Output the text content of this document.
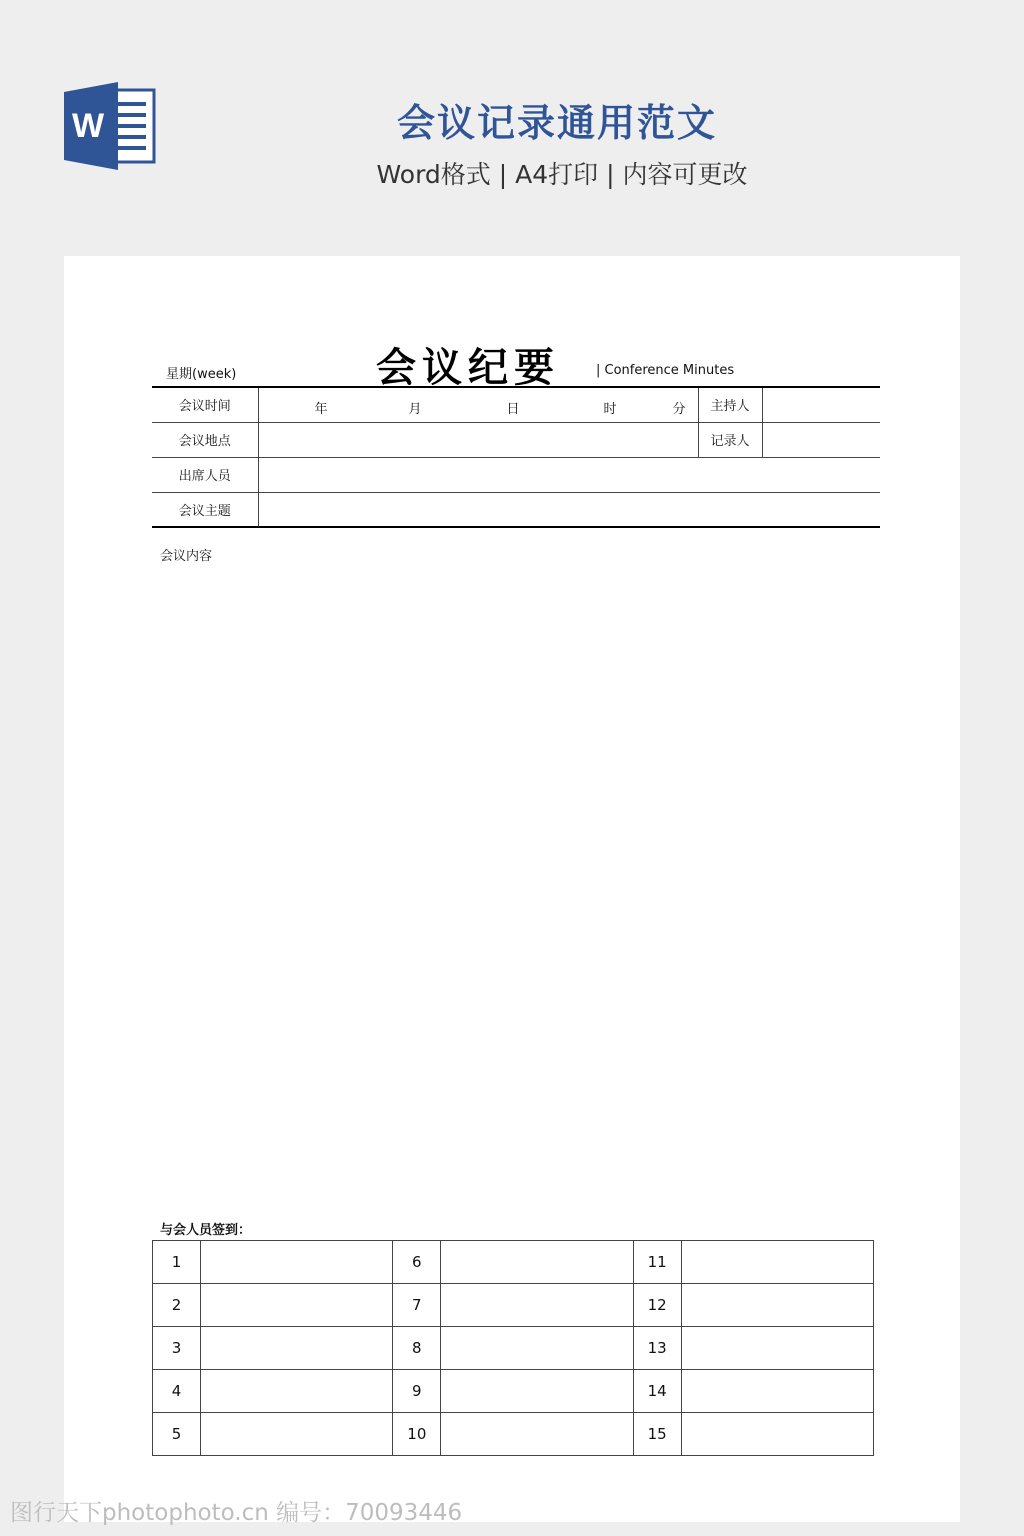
W	会议记录通用范文
Word格式 | A4打印 | 内容可更改
星期(week)	会议纪要	| Conference Minutes
会议时间	年 月 日 时 分	主持人	
会议地点		记录人	
出席人员			
会议主题			
会议内容
与会人员签到：
1		6		11	
2		7		12	
3		8		13	
4		9		14	
5		10		15	
图行天下photophoto.cn 编号：70093446
